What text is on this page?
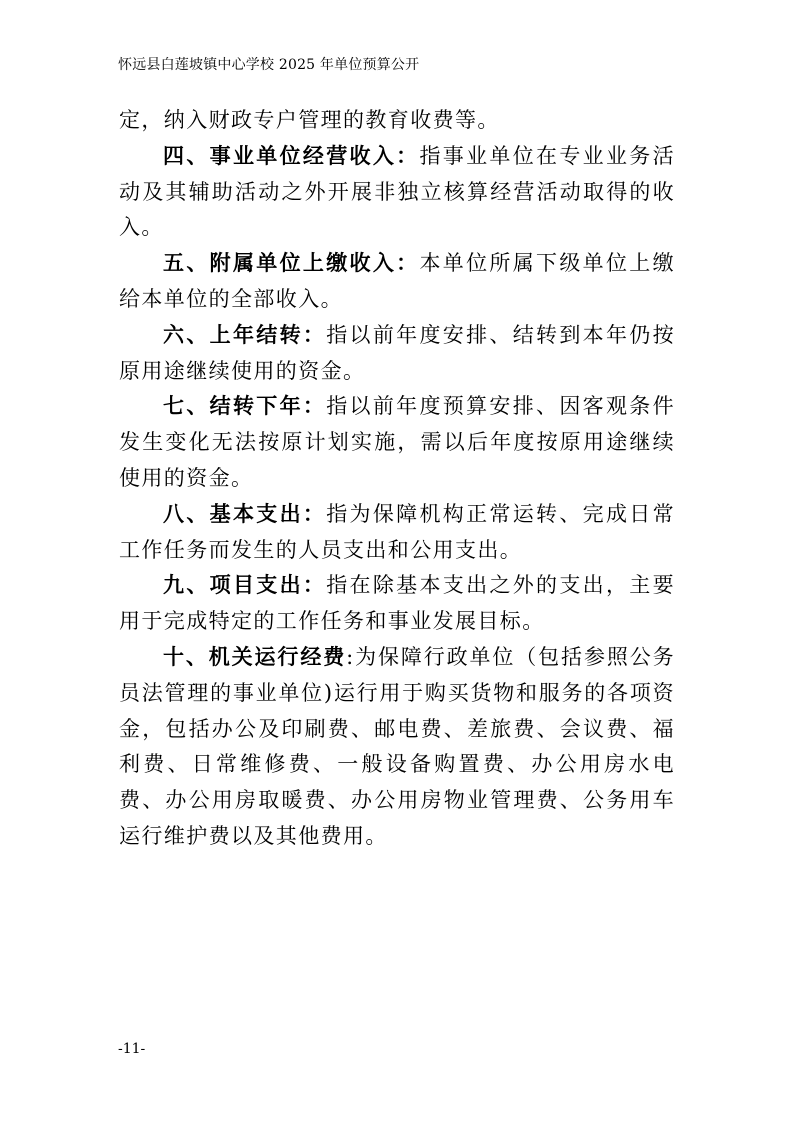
怀远县白莲坡镇中心学校 2025 年单位预算公开

定，纳入财政专户管理的教育收费等。

四、事业单位经营收入：指事业单位在专业业务活动及其辅助活动之外开展非独立核算经营活动取得的收入。

五、附属单位上缴收入：本单位所属下级单位上缴给本单位的全部收入。

六、上年结转：指以前年度安排、结转到本年仍按原用途继续使用的资金。

七、结转下年：指以前年度预算安排、因客观条件发生变化无法按原计划实施，需以后年度按原用途继续使用的资金。

八、基本支出：指为保障机构正常运转、完成日常工作任务而发生的人员支出和公用支出。

九、项目支出：指在除基本支出之外的支出，主要用于完成特定的工作任务和事业发展目标。

十、机关运行经费:为保障行政单位（包括参照公务员法管理的事业单位)运行用于购买货物和服务的各项资金，包括办公及印刷费、邮电费、差旅费、会议费、福利费、日常维修费、一般设备购置费、办公用房水电费、办公用房取暖费、办公用房物业管理费、公务用车运行维护费以及其他费用。

-11-
